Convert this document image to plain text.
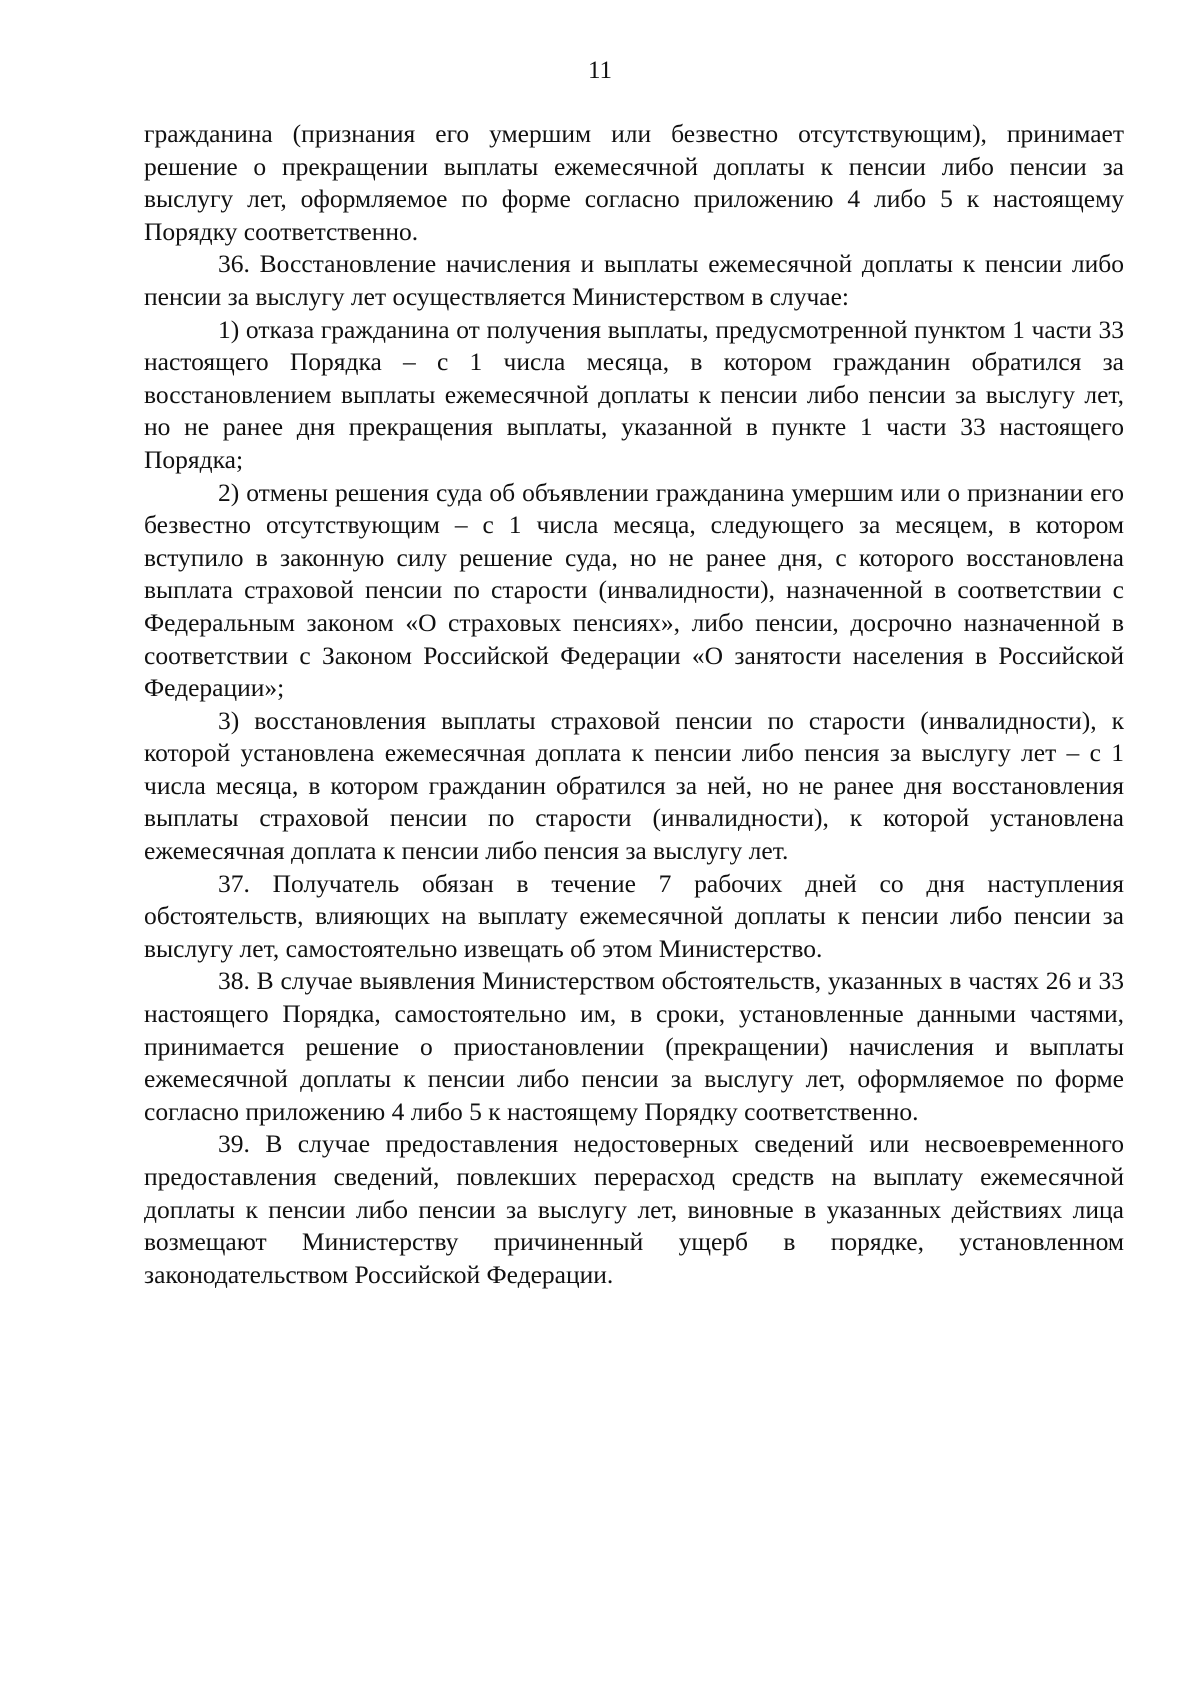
11

гражданина (признания его умершим или безвестно отсутствующим), принимает решение о прекращении выплаты ежемесячной доплаты к пенсии либо пенсии за выслугу лет, оформляемое по форме согласно приложению 4 либо 5 к настоящему Порядку соответственно.

36. Восстановление начисления и выплаты ежемесячной доплаты к пенсии либо пенсии за выслугу лет осуществляется Министерством в случае:

1) отказа гражданина от получения выплаты, предусмотренной пунктом 1 части 33 настоящего Порядка – с 1 числа месяца, в котором гражданин обратился за восстановлением выплаты ежемесячной доплаты к пенсии либо пенсии за выслугу лет, но не ранее дня прекращения выплаты, указанной в пункте 1 части 33 настоящего Порядка;

2) отмены решения суда об объявлении гражданина умершим или о признании его безвестно отсутствующим – с 1 числа месяца, следующего за месяцем, в котором вступило в законную силу решение суда, но не ранее дня, с которого восстановлена выплата страховой пенсии по старости (инвалидности), назначенной в соответствии с Федеральным законом «О страховых пенсиях», либо пенсии, досрочно назначенной в соответствии с Законом Российской Федерации «О занятости населения в Российской Федерации»;

3) восстановления выплаты страховой пенсии по старости (инвалидности), к которой установлена ежемесячная доплата к пенсии либо пенсия за выслугу лет – с 1 числа месяца, в котором гражданин обратился за ней, но не ранее дня восстановления выплаты страховой пенсии по старости (инвалидности), к которой установлена ежемесячная доплата к пенсии либо пенсия за выслугу лет.

37. Получатель обязан в течение 7 рабочих дней со дня наступления обстоятельств, влияющих на выплату ежемесячной доплаты к пенсии либо пенсии за выслугу лет, самостоятельно извещать об этом Министерство.

38. В случае выявления Министерством обстоятельств, указанных в частях 26 и 33 настоящего Порядка, самостоятельно им, в сроки, установленные данными частями, принимается решение о приостановлении (прекращении) начисления и выплаты ежемесячной доплаты к пенсии либо пенсии за выслугу лет, оформляемое по форме согласно приложению 4 либо 5 к настоящему Порядку соответственно.

39. В случае предоставления недостоверных сведений или несвоевременного предоставления сведений, повлекших перерасход средств на выплату ежемесячной доплаты к пенсии либо пенсии за выслугу лет, виновные в указанных действиях лица возмещают Министерству причиненный ущерб в порядке, установленном законодательством Российской Федерации.
